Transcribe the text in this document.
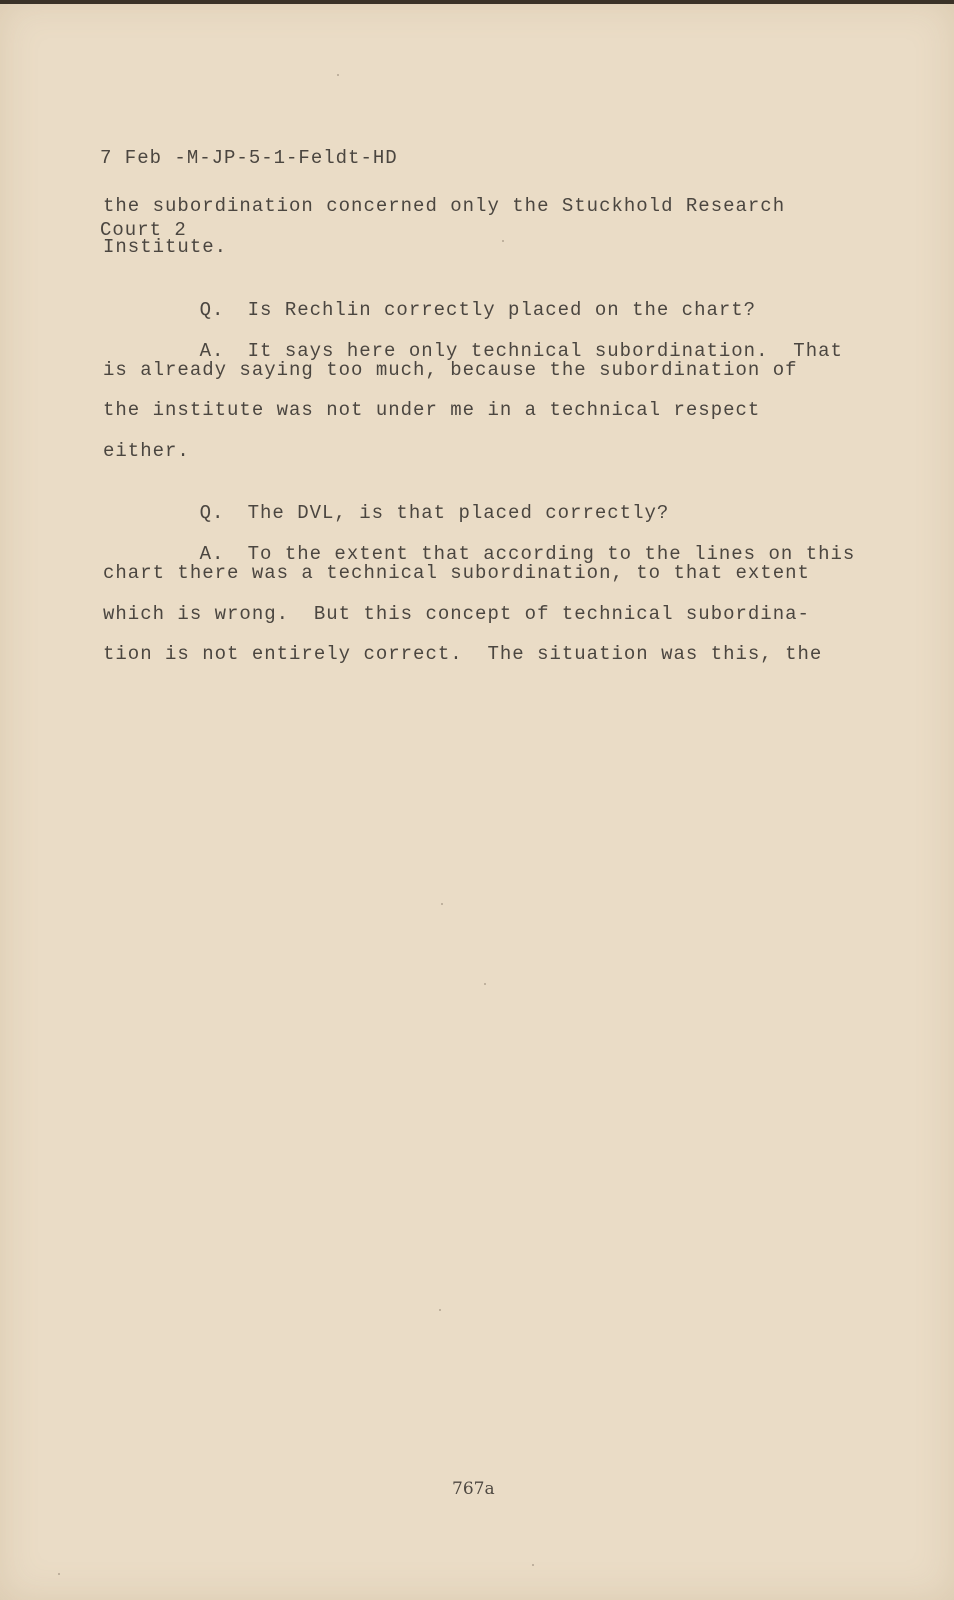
7 Feb -M-JP-5-1-Feldt-HD

Court 2

the subordination concerned only the Stuckhold Research
Institute.

Q. Is Rechlin correctly placed on the chart?

A. It says here only technical subordination.  That

is already saying too much, because the subordination of
the institute was not under me in a technical respect
either.

Q. The DVL, is that placed correctly?

A. To the extent that according to the lines on this

chart there was a technical subordination, to that extent
which is wrong.  But this concept of technical subordina-
tion is not entirely correct.  The situation was this, the
767a
